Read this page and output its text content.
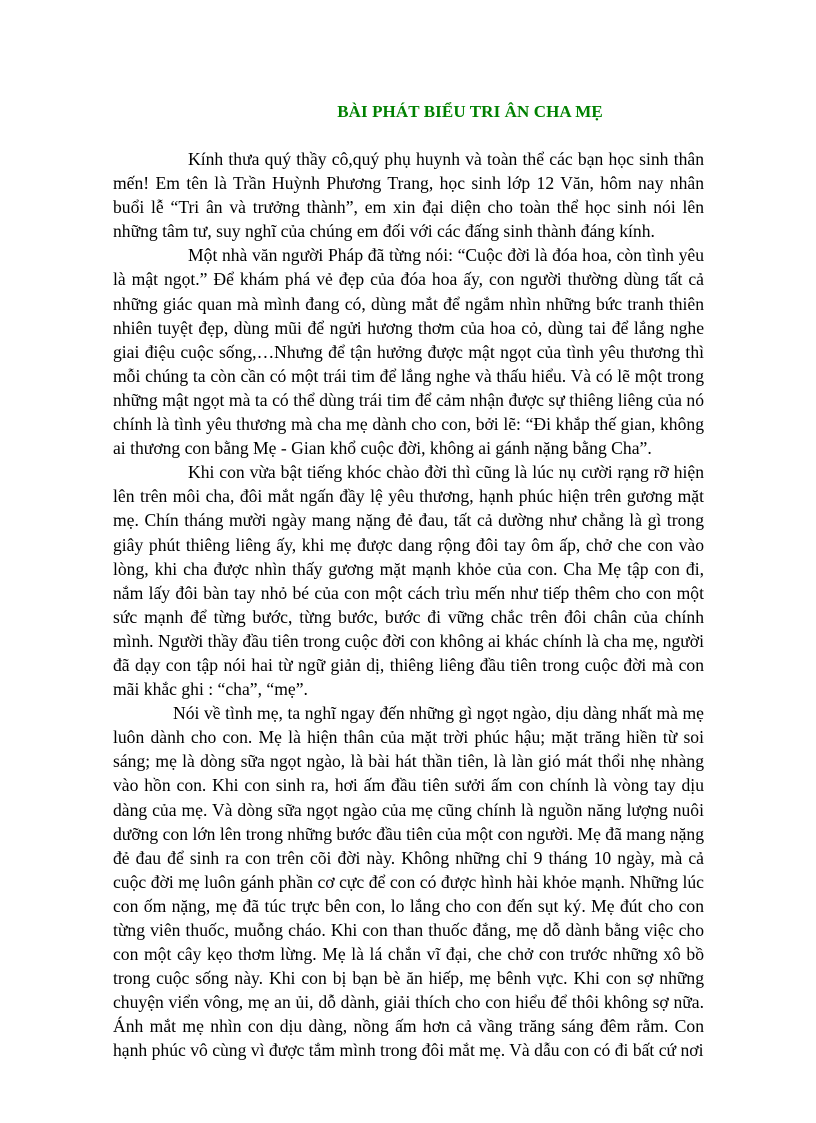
BÀI PHÁT BIỂU TRI ÂN CHA MẸ

Kính thưa quý thầy cô,quý phụ huynh và toàn thể các bạn học sinh thân mến! Em tên là Trần Huỳnh Phương Trang, học sinh lớp 12 Văn, hôm nay nhân buổi lễ “Tri ân và trưởng thành”, em xin đại diện cho toàn thể học sinh nói lên những tâm tư, suy nghĩ của chúng em đối với các đấng sinh thành đáng kính.

Một nhà văn người Pháp đã từng nói: “Cuộc đời là đóa hoa, còn tình yêu là mật ngọt.” Để khám phá vẻ đẹp của đóa hoa ấy, con người thường dùng tất cả những giác quan mà mình đang có, dùng mắt để ngắm nhìn những bức tranh thiên nhiên tuyệt đẹp, dùng mũi để ngửi hương thơm của hoa cỏ, dùng tai để lắng nghe giai điệu cuộc sống,…Nhưng để tận hưởng được mật ngọt của tình yêu thương thì mỗi chúng ta còn cần có một trái tim để lắng nghe và thấu hiểu. Và có lẽ một trong những mật ngọt mà ta có thể dùng trái tim để cảm nhận được sự thiêng liêng của nó chính là tình yêu thương mà cha mẹ dành cho con, bởi lẽ: “Đi khắp thế gian, không ai thương con bằng Mẹ - Gian khổ cuộc đời, không ai gánh nặng bằng Cha”.

Khi con vừa bật tiếng khóc chào đời thì cũng là lúc nụ cười rạng rỡ hiện lên trên môi cha, đôi mắt ngấn đầy lệ yêu thương, hạnh phúc hiện trên gương mặt mẹ. Chín tháng mười ngày mang nặng đẻ đau, tất cả dường như chẳng là gì trong giây phút thiêng liêng ấy, khi mẹ được dang rộng đôi tay ôm ấp, chở che con vào lòng, khi cha được nhìn thấy gương mặt mạnh khỏe của con. Cha Mẹ tập con đi, nắm lấy đôi bàn tay nhỏ bé của con một cách trìu mến như tiếp thêm cho con một sức mạnh để từng bước, từng bước, bước đi vững chắc trên đôi chân của chính mình. Người thầy đầu tiên trong cuộc đời con không ai khác chính là cha mẹ, người đã dạy con tập nói hai từ ngữ giản dị, thiêng liêng đầu tiên trong cuộc đời mà con mãi khắc ghi : “cha”, “mẹ”.

Nói về tình mẹ, ta nghĩ ngay đến những gì ngọt ngào, dịu dàng nhất mà mẹ luôn dành cho con. Mẹ là hiện thân của mặt trời phúc hậu; mặt trăng hiền từ soi sáng; mẹ là dòng sữa ngọt ngào, là bài hát thần tiên, là làn gió mát thổi nhẹ nhàng vào hồn con. Khi con sinh ra, hơi ấm đầu tiên sưởi ấm con chính là vòng tay dịu dàng của mẹ. Và dòng sữa ngọt ngào của mẹ cũng chính là nguồn năng lượng nuôi dưỡng con lớn lên trong những bước đầu tiên của một con người. Mẹ đã mang nặng đẻ đau để sinh ra con trên cõi đời này. Không những chỉ 9 tháng 10 ngày, mà cả cuộc đời mẹ luôn gánh phần cơ cực để con có được hình hài khỏe mạnh. Những lúc con ốm nặng, mẹ đã túc trực bên con, lo lắng cho con đến sụt ký. Mẹ đút cho con từng viên thuốc, muỗng cháo. Khi con than thuốc đắng, mẹ dỗ dành bằng việc cho con một cây kẹo thơm lừng. Mẹ là lá chắn vĩ đại, che chở con trước những xô bồ trong cuộc sống này. Khi con bị bạn bè ăn hiếp, mẹ bênh vực. Khi con sợ những chuyện viển vông, mẹ an ủi, dỗ dành, giải thích cho con hiểu để thôi không sợ nữa. Ánh mắt mẹ nhìn con dịu dàng, nồng ấm hơn cả vầng trăng sáng đêm rằm. Con hạnh phúc vô cùng vì được tắm mình trong đôi mắt mẹ. Và dẫu con có đi bất cứ nơi
